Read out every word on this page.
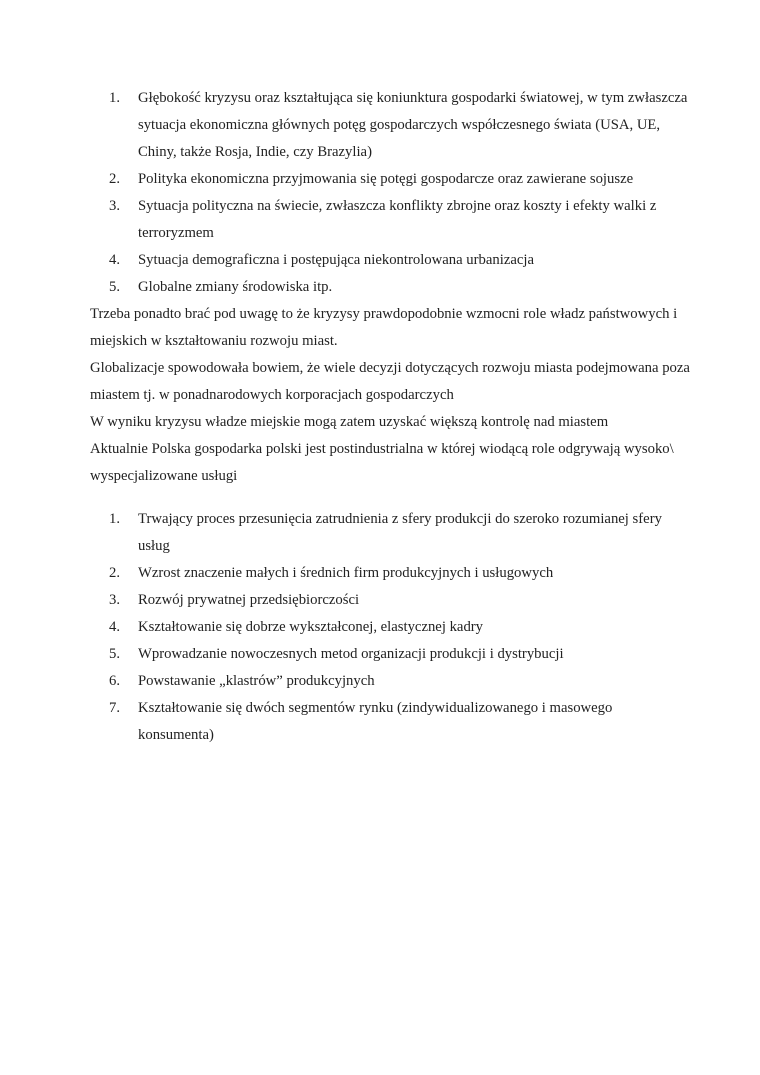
1. Głębokość kryzysu oraz kształtująca się koniunktura gospodarki światowej, w tym zwłaszcza sytuacja ekonomiczna głównych potęg gospodarczych współczesnego świata (USA, UE, Chiny, także Rosja, Indie, czy Brazylia)
2. Polityka ekonomiczna przyjmowania się potęgi gospodarcze oraz zawierane sojusze
3. Sytuacja polityczna na świecie, zwłaszcza konflikty zbrojne oraz koszty i efekty walki z terroryzmem
4. Sytuacja demograficzna i postępująca niekontrolowana urbanizacja
5. Globalne zmiany środowiska itp.

Trzeba ponadto brać pod uwagę to że kryzysy prawdopodobnie wzmocni role władz państwowych i miejskich w kształtowaniu rozwoju miast.

Globalizacje spowodowała bowiem, że wiele decyzji dotyczących rozwoju miasta podejmowana poza miastem tj. w ponadnarodowych korporacjach gospodarczych

W wyniku kryzysu władze miejskie mogą zatem uzyskać większą kontrolę nad miastem

Aktualnie Polska gospodarka polski jest postindustrialna w której wiodącą role odgrywają wysoko\ wyspecjalizowane usługi

1. Trwający proces przesunięcia zatrudnienia z sfery produkcji do szeroko rozumianej sfery usług
2. Wzrost znaczenie małych i średnich firm produkcyjnych i usługowych
3. Rozwój prywatnej przedsiębiorczości
4. Kształtowanie się dobrze wykształconej, elastycznej kadry
5. Wprowadzanie nowoczesnych metod organizacji produkcji i dystrybucji
6. Powstawanie „klastrów” produkcyjnych
7. Kształtowanie się dwóch segmentów rynku (zindywidualizowanego i masowego konsumenta)
